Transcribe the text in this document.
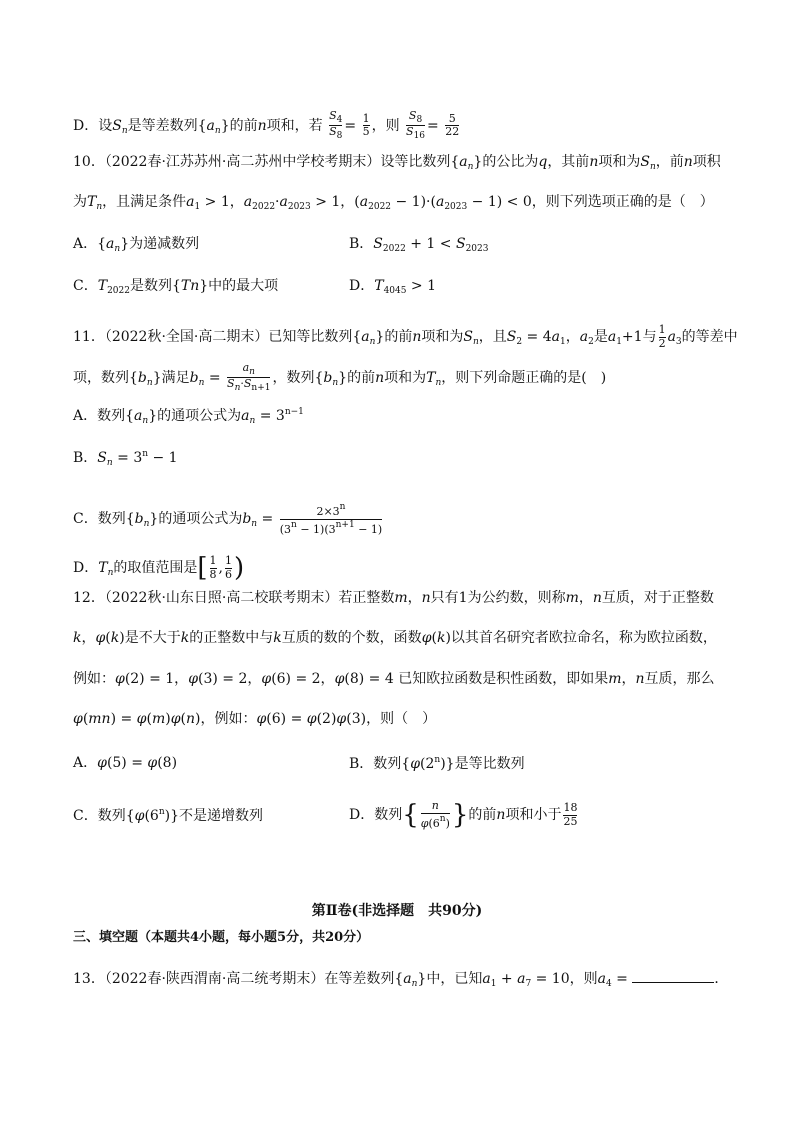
D．设$S_n$是等差数列$\{a_n\}$的前n项和，若 $\frac{S_4}{S_8} = \frac{1}{5}$ ，则 $\frac{S_8}{S_{16}} = \frac{5}{22}$
10．（2022春·江苏苏州·高二苏州中学校考期末）设等比数列$\{a_n\}$的公比为q，其前n项和为$S_n$，前n项积
为$T_n$，且满足条件$a_1 > 1$，$a_{2022}\cdot a_{2023} > 1$，$(a_{2022} - 1)\cdot(a_{2023} - 1) < 0$，则下列选项正确的是（　）
A．$\{a_n\}$为递减数列	B．$S_{2022} + 1 < S_{2023}$
C．$T_{2022}$是数列{Tn}中的最大项	D．$T_{4045} > 1$
11．（2022秋·全国·高二期末）已知等比数列$\{a_n\}$的前n项和为$S_n$，且$S_2 = 4a_1$，$a_2$是$a_1+1$与 $\frac{1}{2} a_3$的等差中
项，数列$\{b_n\}$满足$b_n = \frac{a_n}{S_n\cdot S_{n+1}}$ ，数列$\{b_n\}$的前n项和为$T_n$，则下列命题正确的是(　)
A．数列$\{a_n\}$的通项公式为$a_n = 3^{n-1}$
B．$S_n = 3^n - 1$
C．数列$\{b_n\}$的通项公式为$b_n = \frac{2\times 3^n}{(3^n - 1)(3^{n+1} - 1)}$
D．$T_n$的取值范围是[ $\frac{1}{8}$ , $\frac{1}{6}$ )
12．（2022秋·山东日照·高二校联考期末）若正整数m，n只有1为公约数，则称m，n互质，对于正整数
k，φ(k)是不大于k的正整数中与k互质的数的个数，函数φ(k)以其首名研究者欧拉命名，称为欧拉函数，
例如：φ(2) = 1，φ(3) = 2，φ(6) = 2，φ(8) = 4 已知欧拉函数是积性函数，即如果m，n互质，那么
φ(mn) = φ(m)φ(n)，例如：φ(6) = φ(2)φ(3)，则（　）
A．φ(5) = φ(8)	B．数列{φ(2$^n$)}是等比数列
C．数列{φ(6$^n$)}不是递增数列	D．数列{ $\frac{n}{\varphi(6^n)}$ }的前n项和小于 $\frac{18}{25}$
第Ⅱ卷(非选择题　共90分)
三、填空题（本题共4小题，每小题5分，共20分）
13．（2022春·陕西渭南·高二统考期末）在等差数列$\{a_n\}$中，已知$a_1 + a_7 = 10$，则$a_4$ =	．
